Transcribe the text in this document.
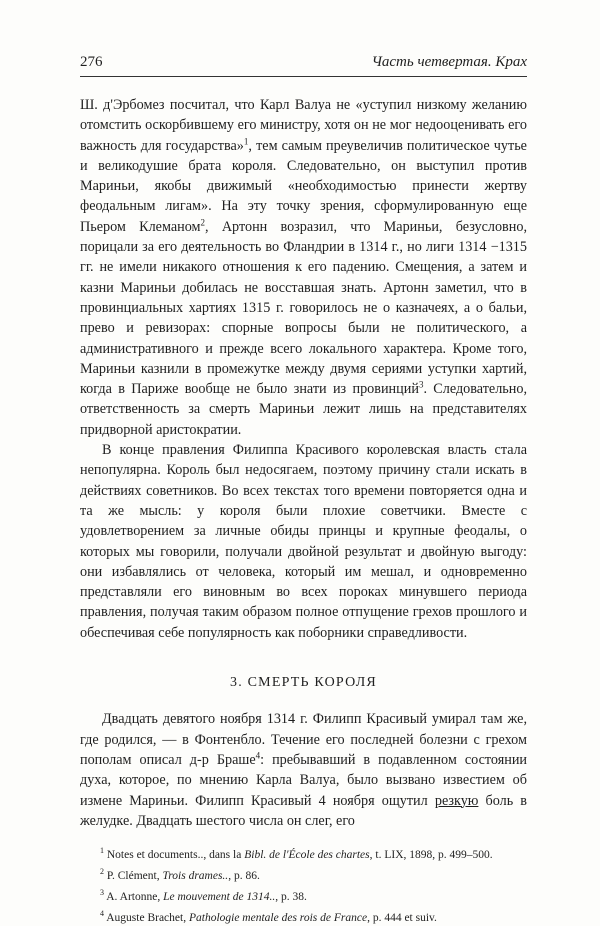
276	Часть четвертая. Крах

Ш. д'Эрбомез посчитал, что Карл Валуа не «уступил низкому желанию отомстить оскорбившему его министру, хотя он не мог недооценивать его важность для государства»$^1$, тем самым преувеличив политическое чутье и великодушие брата короля. Следовательно, он выступил против Мариньи, якобы движимый «необходимостью принести жертву феодальным лигам». На эту точку зрения, сформулированную еще Пьером Клеманом$^2$, Артонн возразил, что Мариньи, безусловно, порицали за его деятельность во Фландрии в 1314 г., но лиги 1314 −1315 гг. не имели никакого отношения к его падению. Смещения, а затем и казни Мариньи добилась не восставшая знать. Артонн заметил, что в провинциальных хартиях 1315 г. говорилось не о казначеях, а о бальи, прево и ревизорах: спорные вопросы были не политического, а административного и прежде всего локального характера. Кроме того, Мариньи казнили в промежутке между двумя сериями уступки хартий, когда в Париже вообще не было знати из провинций$^3$. Следовательно, ответственность за смерть Мариньи лежит лишь на представителях придворной аристократии.

В конце правления Филиппа Красивого королевская власть стала непопулярна. Король был недосягаем, поэтому причину стали искать в действиях советников. Во всех текстах того времени повторяется одна и та же мысль: у короля были плохие советчики. Вместе с удовлетворением за личные обиды принцы и крупные феодалы, о которых мы говорили, получали двойной результат и двойную выгоду: они избавлялись от человека, который им мешал, и одновременно представляли его виновным во всех пороках минувшего периода правления, получая таким образом полное отпущение грехов прошлого и обеспечивая себе популярность как поборники справедливости.

3. СМЕРТЬ КОРОЛЯ

Двадцать девятого ноября 1314 г. Филипп Красивый умирал там же, где родился, — в Фонтенбло. Течение его последней болезни с грехом пополам описал д-р Браше$^4$: пребывавший в подавленном состоянии духа, которое, по мнению Карла Валуа, было вызвано известием об измене Мариньи. Филипп Красивый 4 ноября ощутил резкую боль в желудке. Двадцать шестого числа он слег, его

$^1$ Notes et documents.., dans la Bibl. de l'École des chartes, t. LIX, 1898, p. 499–500.
$^2$ P. Clément, Trois drames.., p. 86.
$^3$ A. Artonne, Le mouvement de 1314.., p. 38.
$^4$ Auguste Brachet, Pathologie mentale des rois de France, p. 444 et suiv.
